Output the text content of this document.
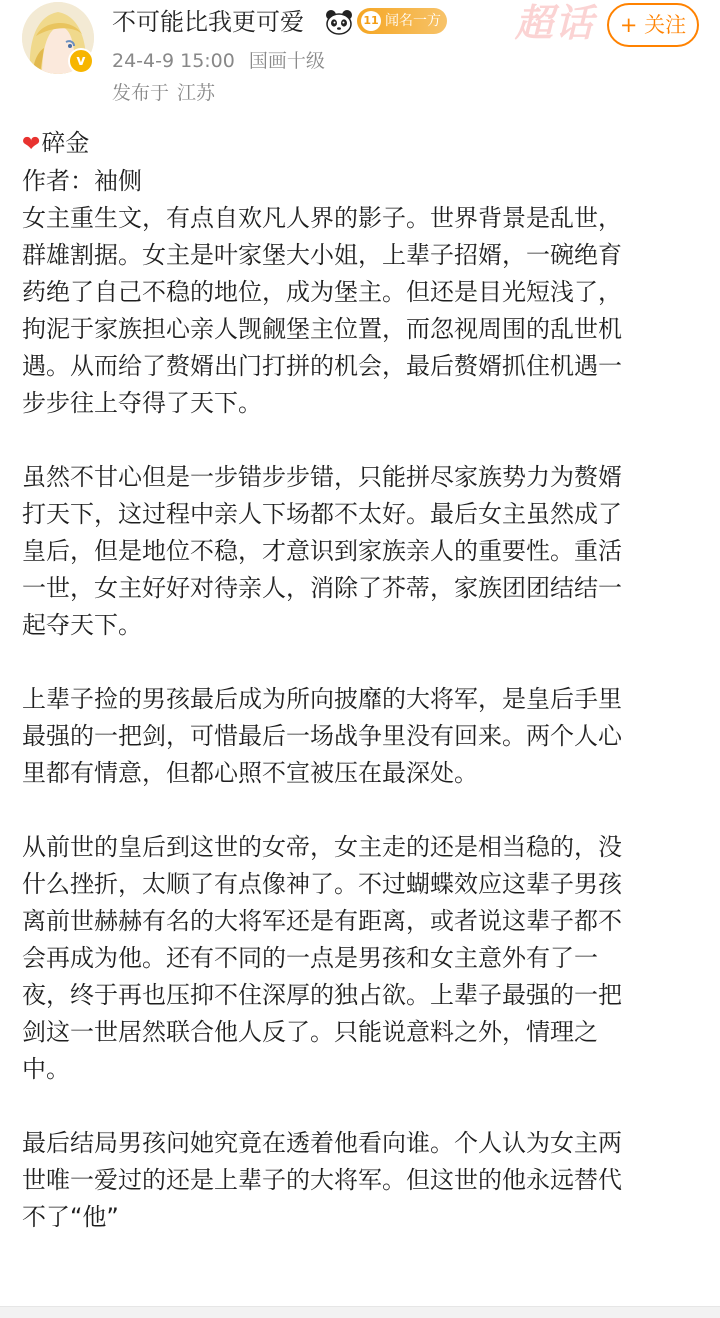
v
不可能比我更可爱	11 闻名一方 超话	+ 关注
24-4-9 15:00 国画十级
发布于 江苏
❤碎金
作者：袖侧
女主重生文，有点自欢凡人界的影子。世界背景是乱世，
群雄割据。女主是叶家堡大小姐，上辈子招婿，一碗绝育
药绝了自己不稳的地位，成为堡主。但还是目光短浅了，
拘泥于家族担心亲人觊觎堡主位置，而忽视周围的乱世机
遇。从而给了赘婿出门打拼的机会，最后赘婿抓住机遇一
步步往上夺得了天下。
虽然不甘心但是一步错步步错，只能拼尽家族势力为赘婿
打天下，这过程中亲人下场都不太好。最后女主虽然成了
皇后，但是地位不稳，才意识到家族亲人的重要性。重活
一世，女主好好对待亲人，消除了芥蒂，家族团团结结一
起夺天下。
上辈子捡的男孩最后成为所向披靡的大将军，是皇后手里
最强的一把剑，可惜最后一场战争里没有回来。两个人心
里都有情意，但都心照不宣被压在最深处。
从前世的皇后到这世的女帝，女主走的还是相当稳的，没
什么挫折，太顺了有点像神了。不过蝴蝶效应这辈子男孩
离前世赫赫有名的大将军还是有距离，或者说这辈子都不
会再成为他。还有不同的一点是男孩和女主意外有了一
夜，终于再也压抑不住深厚的独占欲。上辈子最强的一把
剑这一世居然联合他人反了。只能说意料之外，情理之
中。
最后结局男孩问她究竟在透着他看向谁。个人认为女主两
世唯一爱过的还是上辈子的大将军。但这世的他永远替代
不了“他”
